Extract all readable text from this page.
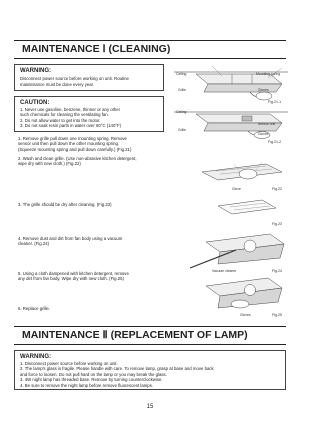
MAINTENANCE Ⅰ (CLEANING)
WARNING:
Disconnect power source before working on unit. Routine
maintenance must be done every year.
CAUTION:
1. Never use gasoline, benzene, thinner or any other
such chemicals for cleaning the ventilating fan.
2. Do not allow water to get into the motor.
3. Do not soak resin parts in water over 60°C (140°F)
1. Remove grille pull down one mounting spring. Remove
sensor unit then pull down the other mounting spring.
(Squeeze mounting spring and pull down carefully.) (Fig.21)
2. Wash and clean grille. (Use non-abrasive kitchen detergent,
wipe dry with new cloth.) (Fig.22)
3. The grille should be dry after cleaning. (Fig.23)
4. Remove dust and dirt from fan body using a vacuum
cleaner. (Fig.24)
5. Using a cloth dampened with kitchen detergent, remove
any dirt from fan body. Wipe dry with new cloth. (Fig.25)
6. Replace grille.
Ceiling	Mounting spring
Grille	Gloves
Fig.21-1
Ceiling
Sensor unit
Grille
Gloves
Fig.21-2
Glove	Fig.22
Fig.23
Vacuum cleaner	Fig.24
Gloves	Fig.25
MAINTENANCE Ⅱ (REPLACEMENT OF LAMP)
WARNING:
1. Disconnect power source before working on unit.
2. The lamp's glass is fragile. Please handle with care. To remove lamp, grasp at base and move back
and force to loosen. Do not pull hard on the lamp or you may break the glass.
3. 4W night lamp has threaded base. Remove by turning counterclockwise.
4. Be sure to remove the night lamp before remove fluorescent lamps.
15
